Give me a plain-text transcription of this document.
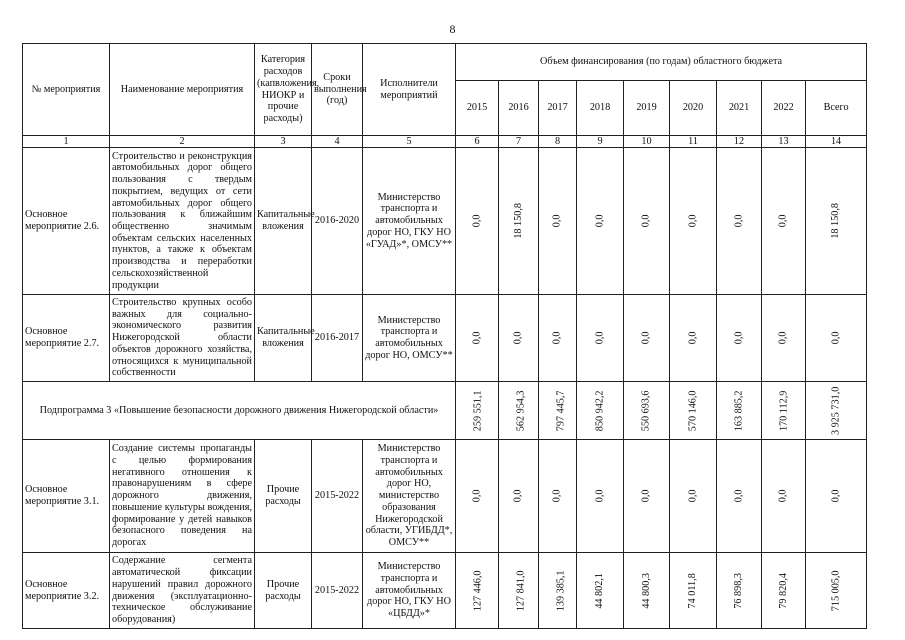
8
№ мероприятия	Наименование мероприятия	Категория расходов (капвложения, НИОКР и прочие расходы)	Сроки выполнения (год)	Исполнители мероприятий	Объем финансирования (по годам) областного бюджета								
					2015	2016	2017	2018	2019	2020	2021	2022	Всего
1	2	3	4	5	6	7	8	9	10	11	12	13	14
Основное мероприятие 2.6.	Строительство и реконструкция автомобильных дорог общего пользования с твердым покрытием, ведущих от сети автомобильных дорог общего пользования к ближайшим общественно значимым объектам сельских населенных пунктов, а также к объектам производства и переработки сельскохозяйственной продукции	Капитальные вложения	2016-2020	Министерство транспорта и автомобильных дорог НО, ГКУ НО «ГУАД»*, ОМСУ**	0,0	18 150,8	0,0	0,0	0,0	0,0	0,0	0,0	18 150,8
Основное мероприятие 2.7.	Строительство крупных особо важных для социально-экономического развития Нижегородской области объектов дорожного хозяйства, относящихся к муниципальной собственности	Капитальные вложения	2016-2017	Министерство транспорта и автомобильных дорог НО, ОМСУ**	0,0	0,0	0,0	0,0	0,0	0,0	0,0	0,0	0,0
Подпрограмма 3 «Повышение безопасности дорожного движения Нижегородской области»					259 551,1	562 954,3	797 445,7	850 942,2	550 693,6	570 146,0	163 885,2	170 112,9	3 925 731,0
Основное мероприятие 3.1.	Создание системы пропаганды с целью формирования негативного отношения к правонарушениям в сфере дорожного движения, повышение культуры вождения, формирование у детей навыков безопасного поведения на дорогах	Прочие расходы	2015-2022	Министерство транспорта и автомобильных дорог НО, министерство образования Нижегородской области, УГИБДД*, ОМСУ**	0,0	0,0	0,0	0,0	0,0	0,0	0,0	0,0	0,0
Основное мероприятие 3.2.	Содержание сегмента автоматической фиксации нарушений правил дорожного движения (эксплуатационно-техническое обслуживание оборудования)	Прочие расходы	2015-2022	Министерство транспорта и автомобильных дорог НО, ГКУ НО «ЦБДД»*	127 446,0	127 841,0	139 385,1	44 802,1	44 800,3	74 011,8	76 898,3	79 820,4	715 005,0
